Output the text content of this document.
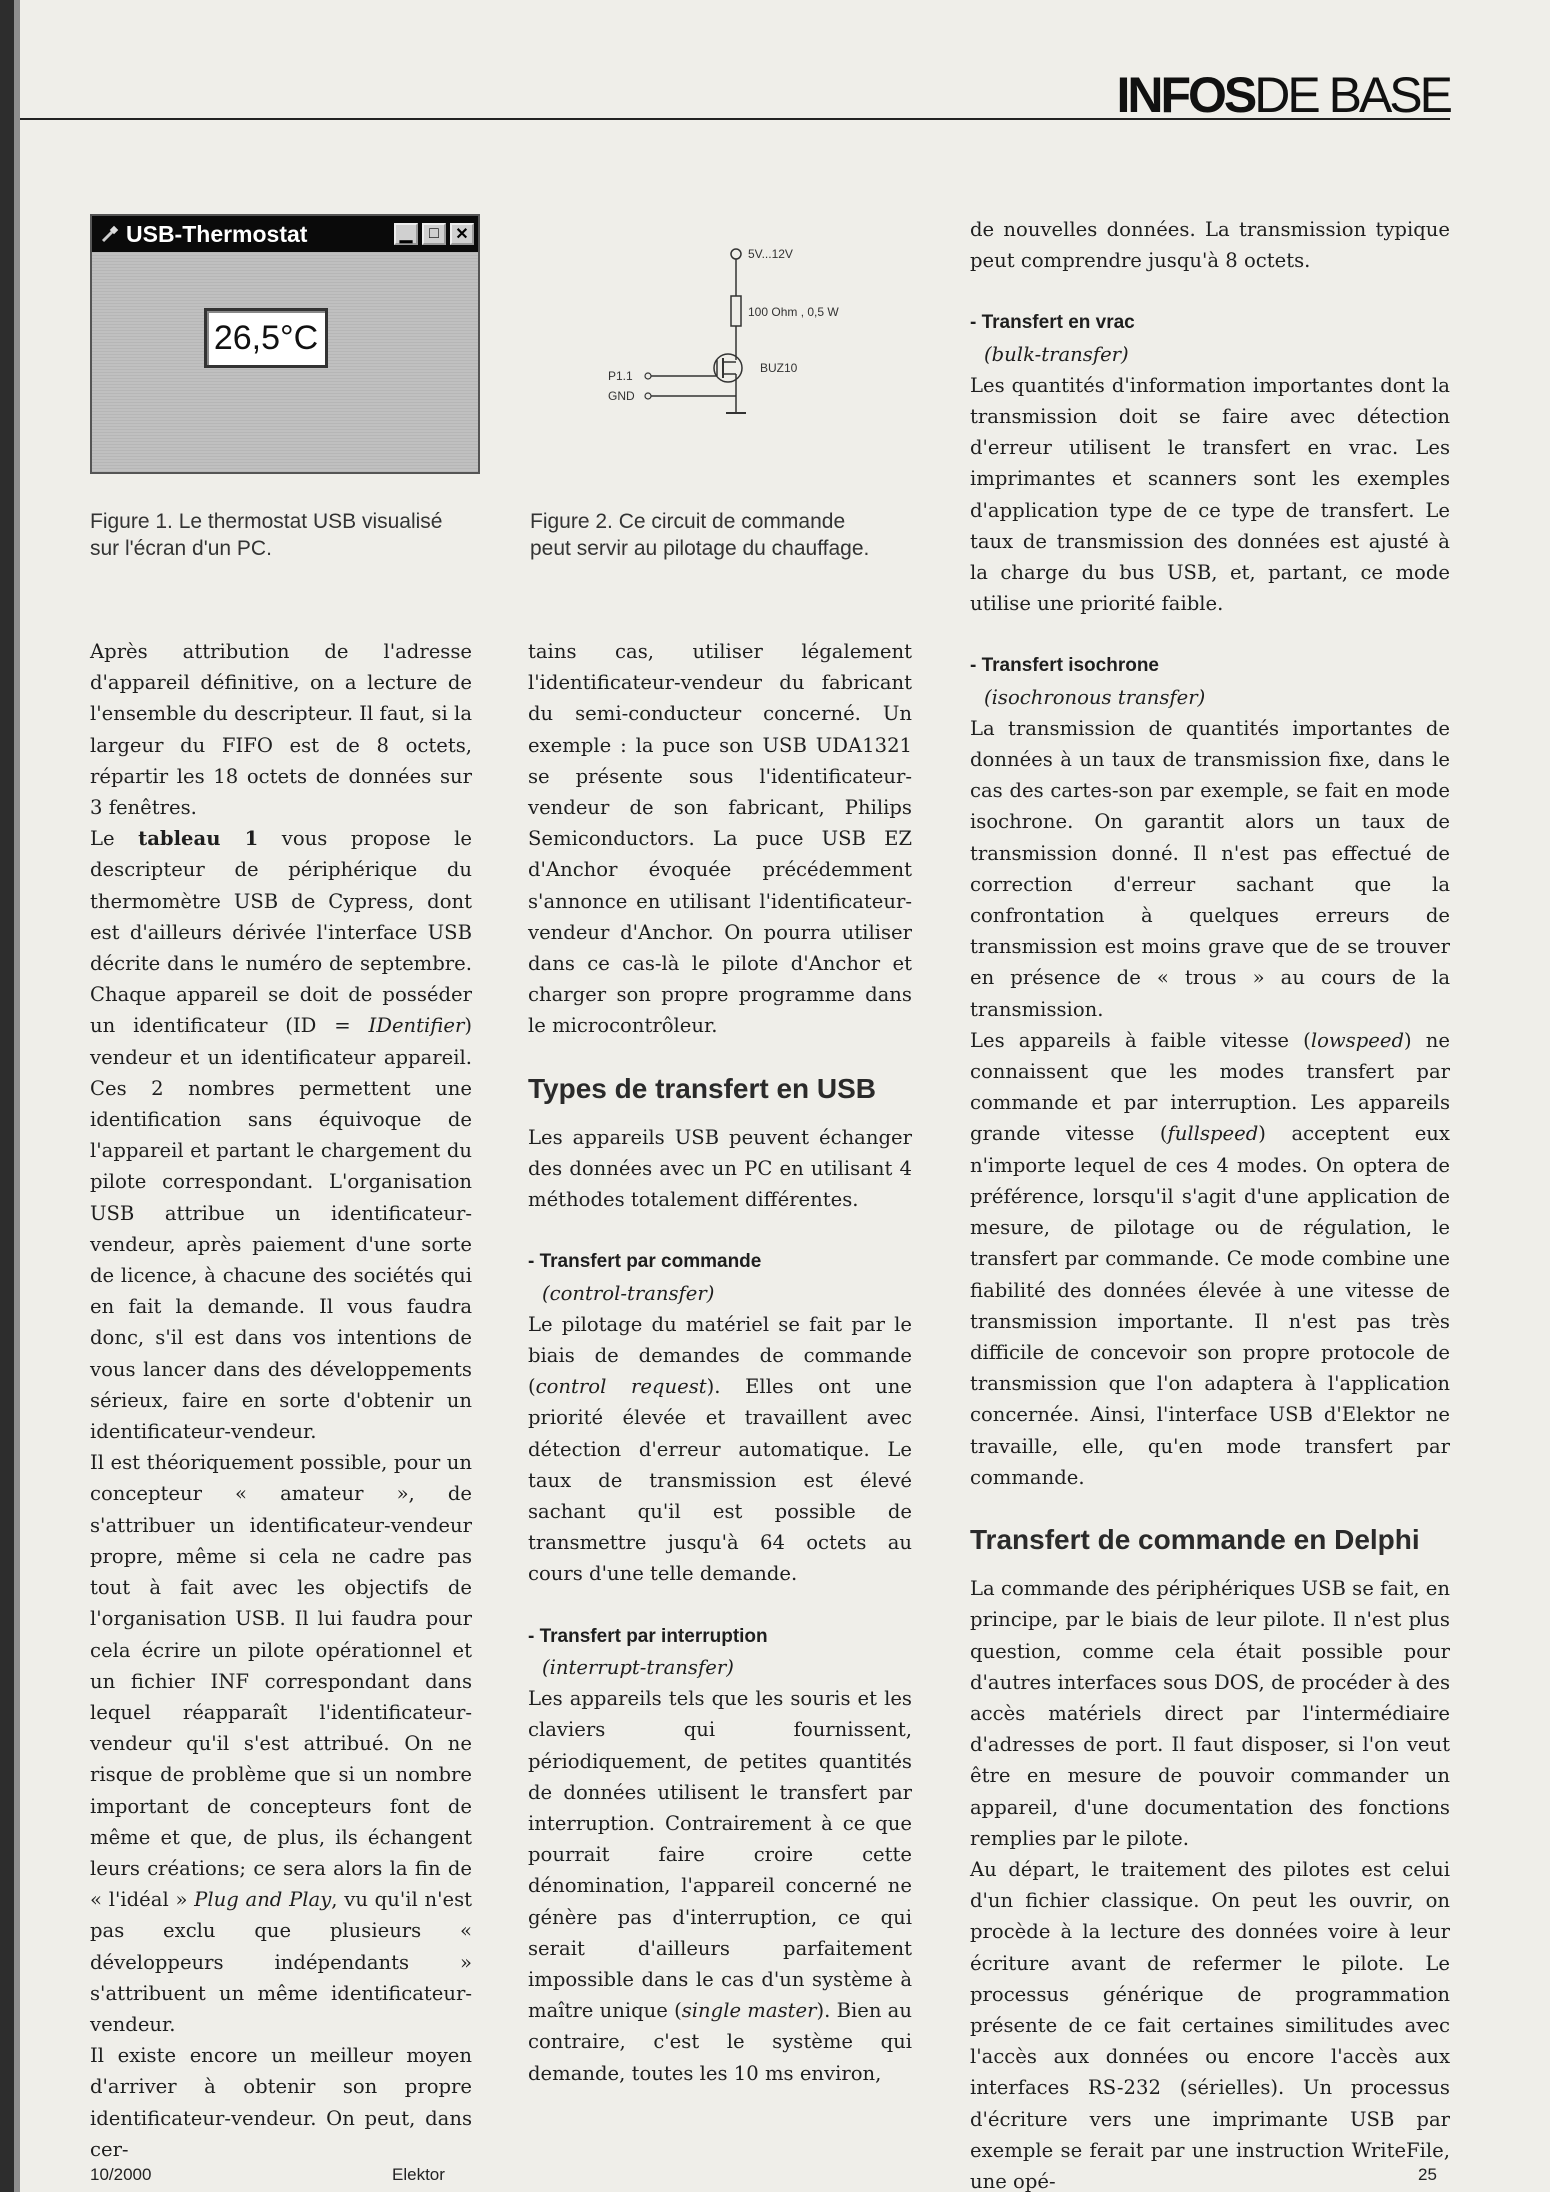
INFOSDE BASE
USB-Thermostat	▁	□	✕
26,5°C
Figure 1. Le thermostat USB visualisé
sur l'écran d'un PC.
5V...12V
100 Ohm , 0,5 W
BUZ10
P1.1
GND
Figure 2. Ce circuit de commande
peut servir au pilotage du chauffage.

Après attribution de l'adresse d'appareil définitive, on a lecture de l'ensemble du descripteur. Il faut, si la largeur du FIFO est de 8 octets, répartir les 18 octets de données sur 3 fenêtres.

Le tableau 1 vous propose le descripteur de périphérique du thermomètre USB de Cypress, dont est d'ailleurs dérivée l'interface USB décrite dans le numéro de septembre. Chaque appareil se doit de posséder un identificateur (ID = IDentifier) vendeur et un identificateur appareil. Ces 2 nombres permettent une identification sans équivoque de l'appareil et partant le chargement du pilote correspondant. L'organisation USB attribue un identificateur-vendeur, après paiement d'une sorte de licence, à chacune des sociétés qui en fait la demande. Il vous faudra donc, s'il est dans vos intentions de vous lancer dans des développements sérieux, faire en sorte d'obtenir un identificateur-vendeur.

Il est théoriquement possible, pour un concepteur « amateur », de s'attribuer un identificateur-vendeur propre, même si cela ne cadre pas tout à fait avec les objectifs de l'organisation USB. Il lui faudra pour cela écrire un pilote opérationnel et un fichier INF correspondant dans lequel réapparaît l'identificateur-vendeur qu'il s'est attribué. On ne risque de problème que si un nombre important de concepteurs font de même et que, de plus, ils échangent leurs créations; ce sera alors la fin de « l'idéal » Plug and Play, vu qu'il n'est pas exclu que plusieurs « développeurs indépendants » s'attribuent un même identificateur-vendeur.

Il existe encore un meilleur moyen d'arriver à obtenir son propre identificateur-vendeur. On peut, dans cer-

tains cas, utiliser légalement l'identificateur-vendeur du fabricant du semi-conducteur concerné. Un exemple : la puce son USB UDA1321 se présente sous l'identificateur-vendeur de son fabricant, Philips Semiconductors. La puce USB EZ d'Anchor évoquée précédemment s'annonce en utilisant l'identificateur-vendeur d'Anchor. On pourra utiliser dans ce cas-là le pilote d'Anchor et charger son propre programme dans le microcontrôleur.

Types de transfert en USB

Les appareils USB peuvent échanger des données avec un PC en utilisant 4 méthodes totalement différentes.

- Transfert par commande

(control-transfer)

Le pilotage du matériel se fait par le biais de demandes de commande (control request). Elles ont une priorité élevée et travaillent avec détection d'erreur automatique. Le taux de transmission est élevé sachant qu'il est possible de transmettre jusqu'à 64 octets au cours d'une telle demande.

- Transfert par interruption

(interrupt-transfer)

Les appareils tels que les souris et les claviers qui fournissent, périodiquement, de petites quantités de données utilisent le transfert par interruption. Contrairement à ce que pourrait faire croire cette dénomination, l'appareil concerné ne génère pas d'interruption, ce qui serait d'ailleurs parfaitement impossible dans le cas d'un système à maître unique (single master). Bien au contraire, c'est le système qui demande, toutes les 10 ms environ,

de nouvelles données. La transmission typique peut comprendre jusqu'à 8 octets.

- Transfert en vrac

(bulk-transfer)

Les quantités d'information importantes dont la transmission doit se faire avec détection d'erreur utilisent le transfert en vrac. Les imprimantes et scanners sont les exemples d'application type de ce type de transfert. Le taux de transmission des données est ajusté à la charge du bus USB, et, partant, ce mode utilise une priorité faible.

- Transfert isochrone

(isochronous transfer)

La transmission de quantités importantes de données à un taux de transmission fixe, dans le cas des cartes-son par exemple, se fait en mode isochrone. On garantit alors un taux de transmission donné. Il n'est pas effectué de correction d'erreur sachant que la confrontation à quelques erreurs de transmission est moins grave que de se trouver en présence de « trous » au cours de la transmission.

Les appareils à faible vitesse (lowspeed) ne connaissent que les modes transfert par commande et par interruption. Les appareils grande vitesse (fullspeed) acceptent eux n'importe lequel de ces 4 modes. On optera de préférence, lorsqu'il s'agit d'une application de mesure, de pilotage ou de régulation, le transfert par commande. Ce mode combine une fiabilité des données élevée à une vitesse de transmission importante. Il n'est pas très difficile de concevoir son propre protocole de transmission que l'on adaptera à l'application concernée. Ainsi, l'interface USB d'Elektor ne travaille, elle, qu'en mode transfert par commande.

Transfert de commande en Delphi

La commande des périphériques USB se fait, en principe, par le biais de leur pilote. Il n'est plus question, comme cela était possible pour d'autres interfaces sous DOS, de procéder à des accès matériels direct par l'intermédiaire d'adresses de port. Il faut disposer, si l'on veut être en mesure de pouvoir commander un appareil, d'une documentation des fonctions remplies par le pilote.

Au départ, le traitement des pilotes est celui d'un fichier classique. On peut les ouvrir, on procède à la lecture des données voire à leur écriture avant de refermer le pilote. Le processus générique de programmation présente de ce fait certaines similitudes avec l'accès aux données ou encore l'accès aux interfaces RS-232 (sérielles). Un processus d'écriture vers une imprimante USB par exemple se ferait par une instruction WriteFile, une opé-

10/2000	Elektor	25
